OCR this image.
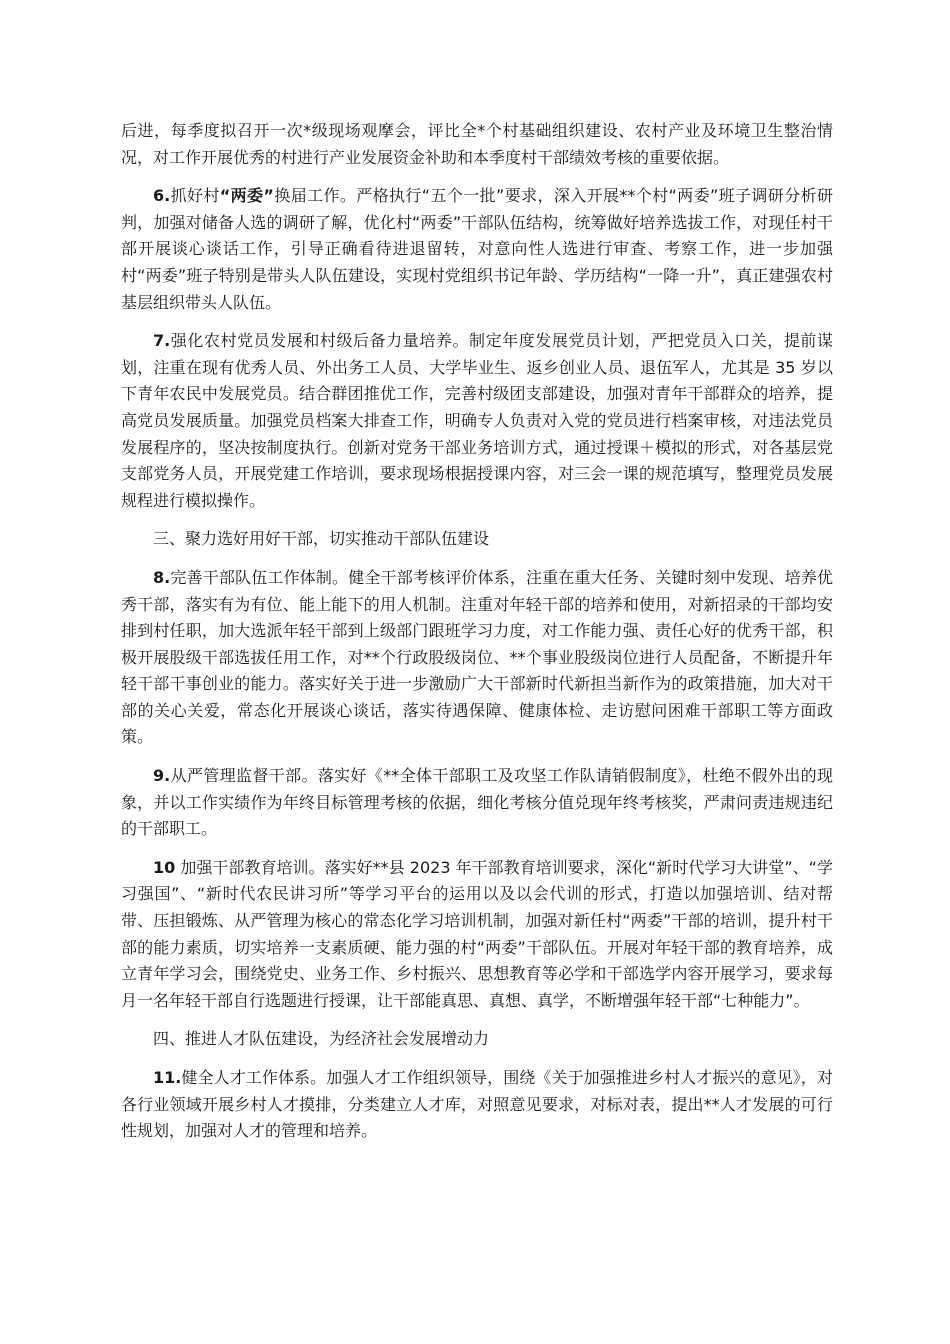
后进，每季度拟召开一次*级现场观摩会，评比全*个村基础组织建设、农村产业及环境卫生整治情况，对工作开展优秀的村进行产业发展资金补助和本季度村干部绩效考核的重要依据。

6.抓好村“两委”换届工作。严格执行“五个一批”要求，深入开展**个村“两委”班子调研分析研判，加强对储备人选的调研了解，优化村“两委”干部队伍结构，统筹做好培养选拔工作，对现任村干部开展谈心谈话工作，引导正确看待进退留转，对意向性人选进行审查、考察工作，进一步加强村“两委”班子特别是带头人队伍建设，实现村党组织书记年龄、学历结构“一降一升”，真正建强农村基层组织带头人队伍。

7.强化农村党员发展和村级后备力量培养。制定年度发展党员计划，严把党员入口关，提前谋划，注重在现有优秀人员、外出务工人员、大学毕业生、返乡创业人员、退伍军人，尤其是 35 岁以下青年农民中发展党员。结合群团推优工作，完善村级团支部建设，加强对青年干部群众的培养，提高党员发展质量。加强党员档案大排查工作，明确专人负责对入党的党员进行档案审核，对违法党员发展程序的，坚决按制度执行。创新对党务干部业务培训方式，通过授课＋模拟的形式，对各基层党支部党务人员，开展党建工作培训，要求现场根据授课内容，对三会一课的规范填写，整理党员发展规程进行模拟操作。

三、聚力选好用好干部，切实推动干部队伍建设

8.完善干部队伍工作体制。健全干部考核评价体系，注重在重大任务、关键时刻中发现、培养优秀干部，落实有为有位、能上能下的用人机制。注重对年轻干部的培养和使用，对新招录的干部均安排到村任职，加大选派年轻干部到上级部门跟班学习力度，对工作能力强、责任心好的优秀干部，积极开展股级干部选拔任用工作，对**个行政股级岗位、**个事业股级岗位进行人员配备，不断提升年轻干部干事创业的能力。落实好关于进一步激励广大干部新时代新担当新作为的政策措施，加大对干部的关心关爱，常态化开展谈心谈话，落实待遇保障、健康体检、走访慰问困难干部职工等方面政策。

9.从严管理监督干部。落实好《**全体干部职工及攻坚工作队请销假制度》，杜绝不假外出的现象，并以工作实绩作为年终目标管理考核的依据，细化考核分值兑现年终考核奖，严肃问责违规违纪的干部职工。

10 加强干部教育培训。落实好**县 2023 年干部教育培训要求，深化“新时代学习大讲堂”、“学习强国”、“新时代农民讲习所”等学习平台的运用以及以会代训的形式，打造以加强培训、结对帮带、压担锻炼、从严管理为核心的常态化学习培训机制，加强对新任村“两委”干部的培训，提升村干部的能力素质，切实培养一支素质硬、能力强的村“两委”干部队伍。开展对年轻干部的教育培养，成立青年学习会，围绕党史、业务工作、乡村振兴、思想教育等必学和干部选学内容开展学习，要求每月一名年轻干部自行选题进行授课，让干部能真思、真想、真学，不断增强年轻干部“七种能力”。

四、推进人才队伍建设，为经济社会发展增动力

11.健全人才工作体系。加强人才工作组织领导，围绕《关于加强推进乡村人才振兴的意见》，对各行业领域开展乡村人才摸排，分类建立人才库，对照意见要求，对标对表，提出**人才发展的可行性规划，加强对人才的管理和培养。
